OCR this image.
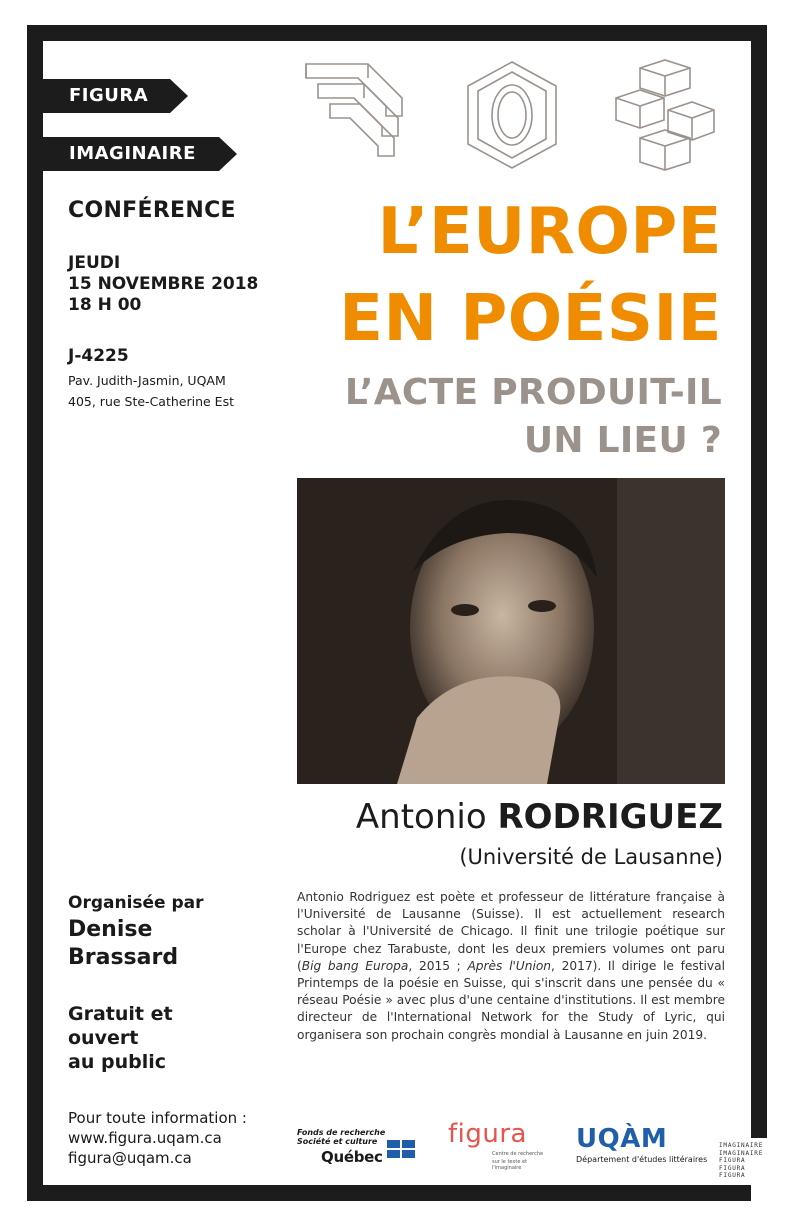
FIGURA
IMAGINAIRE
CONFÉRENCE
JEUDI
15 NOVEMBRE 2018
18 H 00
J-4225
Pav. Judith-Jasmin, UQAM
405, rue Ste-Catherine Est
L’EUROPE
EN POÉSIE
L’ACTE PRODUIT-IL
UN LIEU ?
Antonio RODRIGUEZ
(Université de Lausanne)
Antonio Rodriguez est poète et professeur de littérature française à l'Université de Lausanne (Suisse). Il est actuellement research scholar à l'Université de Chicago. Il finit une trilogie poétique sur l'Europe chez Tarabuste, dont les deux premiers volumes ont paru (Big bang Europa, 2015 ; Après l'Union, 2017). Il dirige le festival Printemps de la poésie en Suisse, qui s'inscrit dans une pensée du « réseau Poésie » avec plus d'une centaine d'institutions. Il est membre directeur de l'International Network for the Study of Lyric, qui organisera son prochain congrès mondial à Lausanne en juin 2019.
Organisée par
Denise
Brassard
Gratuit et
ouvert
au public
Pour toute information :
www.figura.uqam.ca
figura@uqam.ca
Fonds de recherche
Société et culture
Québec
figura
Centre de recherche
sur le texte et l'imaginaire
UQÀM
Département d'études littéraires
IMAGINAIRE
IMAGINAIRE
FIGURA
FIGURA
FIGURA
